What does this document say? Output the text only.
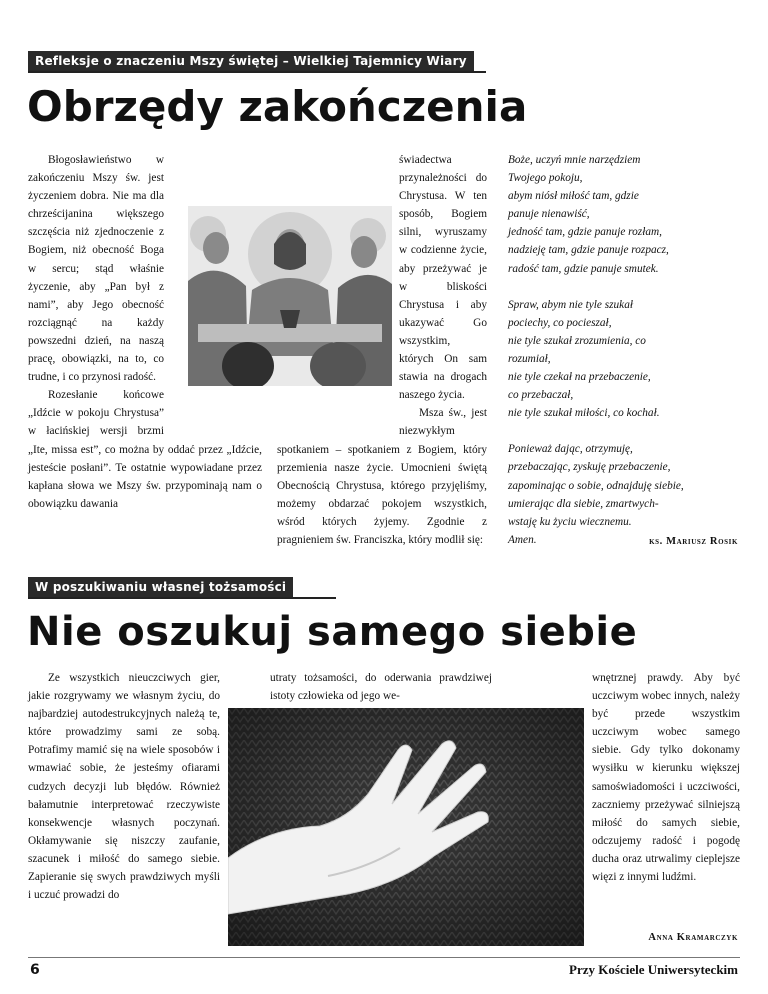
Refleksje o znaczeniu Mszy świętej – Wielkiej Tajemnicy Wiary
Obrzędy zakończenia

Błogosławieństwo w zakończeniu Mszy św. jest życzeniem dobra. Nie ma dla chrześcijanina większego szczęścia niż zjednoczenie z Bogiem, niż obecność Boga w sercu; stąd właśnie życzenie, aby „Pan był z nami”, aby Jego obecność rozciągnąć na każdy powszedni dzień, na naszą pracę, obowiązki, na to, co trudne, i co przynosi radość.

Rozesłanie końcowe „Idźcie w pokoju Chrystusa” w łacińskiej wersji brzmi „Ite, missa est”, co można by oddać przez „Idźcie, jesteście posłani”. Te ostatnie wypowiadane przez kapłana słowa we Mszy św. przypominają nam o obowiązku dawania

świadectwa przynależności do Chrystusa. W ten sposób, Bogiem silni, wyruszamy w codzienne życie, aby przeżywać je w bliskości Chrystusa i aby ukazywać Go wszystkim, których On sam stawia na drogach naszego życia.

Msza św., jest niezwykłym spotkaniem – spotkaniem z Bogiem, który przemienia nasze życie. Umocnieni świętą Obecnością Chrystusa, którego przyjęliśmy, możemy obdarzać pokojem wszystkich, wśród których żyjemy. Zgodnie z pragnieniem św. Franciszka, który modlił się:

Boże, uczyń mnie narzędziem
Twojego pokoju,
abym niósł miłość tam, gdzie
panuje nienawiść,
jedność tam, gdzie panuje rozłam,
nadzieję tam, gdzie panuje rozpacz,
radość tam, gdzie panuje smutek.
Spraw, abym nie tyle szukał
pociechy, co pocieszał,
nie tyle szukał zrozumienia, co
rozumiał,
nie tyle czekał na przebaczenie,
co przebaczał,
nie tyle szukał miłości, co kochał.
Ponieważ dając, otrzymuję,
przebaczając, zyskuję przebaczenie,
zapominając o sobie, odnajduję siebie,
umierając dla siebie, zmartwych-
wstaję ku życiu wiecznemu.
Amen.	ks. Mariusz Rosik
W poszukiwaniu własnej tożsamości
Nie oszukuj samego siebie

Ze wszystkich nieuczciwych gier, jakie rozgrywamy we własnym życiu, do najbardziej autodestrukcyjnych należą te, które prowadzimy sami ze sobą. Potrafimy mamić się na wiele sposobów i wmawiać sobie, że jesteśmy ofiarami cudzych decyzji lub błędów. Również bałamutnie interpretować rzeczywiste konsekwencje własnych poczynań. Okłamywanie się niszczy zaufanie, szacunek i miłość do samego siebie. Zapieranie się swych prawdziwych myśli i uczuć prowadzi do

utraty tożsamości, do oderwania prawdziwej istoty człowieka od jego we-

wnętrznej prawdy. Aby być uczciwym wobec innych, należy być przede wszystkim uczciwym wobec samego siebie. Gdy tylko dokonamy wysiłku w kierunku większej samoświadomości i uczciwości, zaczniemy przeżywać silniejszą miłość do samych siebie, odczujemy radość i pogodę ducha oraz utrwalimy cieplejsze więzi z innymi ludźmi.

Anna Kramarczyk
6	Przy Kościele Uniwersyteckim
